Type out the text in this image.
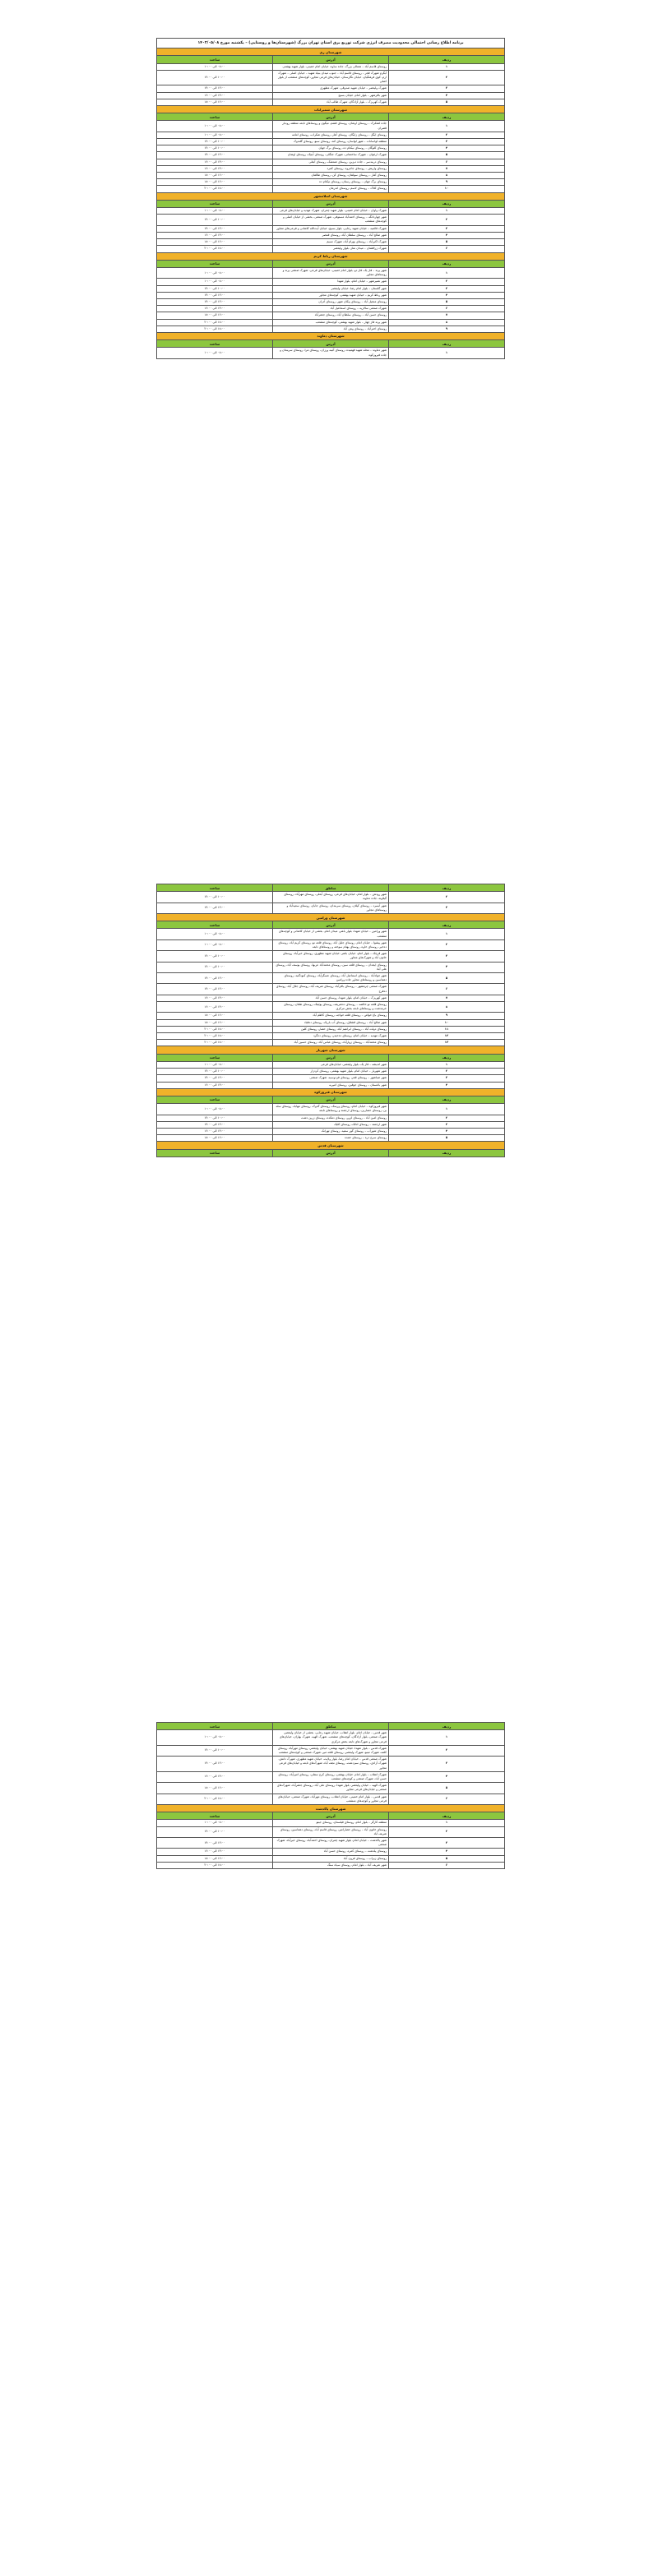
برنامه اطلاع رسانی احتمالی محدودیت مصرف انرژی شرکت توزیع برق استان تهران بزرگ (شهرستان‌ها و روستایی) – یکشنبه مورخ ۱۴۰۲/۰۵/۰۸		
شهرستان ری		
ردیف	آدرس	ساعت
۱	روستای قاسم آباد – شمالی بزرگ، جاده ساوه، خیابان امام خمینی، بلوار شهید بهشتی	۰۸:۰۰ الی ۱۰:۰۰
۲	آبگرم شهرک فجر – روستای قاسم آباد – جنوب میدان بنیاد شهید – خیابان اصلی – شهرک ارم، کوی فرهنگیان، خیابان نگارستان، خیابان‌های فرعی مجاور، کوچه‌های منشعب از بلوار اصلی	۱۰:۰۰ الی ۱۲:۰۰
۳	شهرک ولیعصر – خیابان شهید صدوقی، شهرک مطهری	۱۲:۰۰ الی ۱۴:۰۰
۴	شهر باقرشهر – بلوار امام، خیابان بسیج	۱۴:۰۰ الی ۱۶:۰۰
۵	شهرک کهریزک – بلوار آزادگان، شهرک طالب آباد	۱۶:۰۰ الی ۱۸:۰۰
شهرستان شمیرانات		
ردیف	آدرس	ساعت
۱	جاده لشکرک – روستای اوشان، روستای فشم، میگون و روستاهای تابعه منطقه رودبار قصران	۰۸:۰۰ الی ۱۰:۰۰
۲	روستای ایگل – روستای زایگان، روستای آهار، روستای شکراب، روستای امامه	۰۸:۰۰ الی ۱۰:۰۰
۳	منطقه لواسانات – شهر لواسان، روستای کند، روستای سبو، روستای گلندوک	۱۰:۰۰ الی ۱۲:۰۰
۴	روستای کلوگان – روستای نیکنام ده، روستای برگ جهان	۱۰:۰۰ الی ۱۲:۰۰
۵	شهرک ارغوان – شهرک ساختمانی، شهرک جنگلی، روستای آبنیک، روستای اوشان	۱۲:۰۰ الی ۱۴:۰۰
۶	روستای دربندسر – جاده دیزین، روستای شمشک، روستای آبعلی	۱۴:۰۰ الی ۱۶:۰۰
۷	روستای واریش – روستای جاجرود، روستای کمرد	۱۴:۰۰ الی ۱۶:۰۰
۸	روستای آهار – روستای سولقان، روستای کن، روستای طالقان	۱۶:۰۰ الی ۱۸:۰۰
۹	روستای برگ جهان – روستای رسنان، روستای نیکنام ده	۱۶:۰۰ الی ۱۸:۰۰
۱۰	روستای کلاک – روستای لاسم، روستای اندرمان	۱۸:۰۰ الی ۲۰:۰۰
شهرستان اسلامشهر		
ردیف	آدرس	ساعت
۱	شهرک واوان – خیابان امام خمینی، بلوار شهید چمران، شهرک مهدیه و خیابان‌های فرعی	۰۸:۰۰ الی ۱۰:۰۰
۲	شهر چهاردانگه – روستای احمدآباد مستوفی، شهرک صنعتی، بخشی از خیابان اصلی و کوچه‌های منشعب	۱۰:۰۰ الی ۱۲:۰۰
۳	شهرک قائمیه – خیابان شهید رجایی، بلوار بسیج، خیابان آیت‌الله کاشانی و فرعی‌های مجاور	۱۲:۰۰ الی ۱۴:۰۰
۴	شهر صالح آباد – روستای سلطان آباد، روستای قمصر	۱۴:۰۰ الی ۱۶:۰۰
۵	شهرک اکبرآباد – روستای بهرام آباد، شهرک نسیم	۱۶:۰۰ الی ۱۸:۰۰
۶	شهرک زرافشان – میدان نماز، بلوار ولیعصر	۱۸:۰۰ الی ۲۰:۰۰
شهرستان رباط کریم		
ردیف	آدرس	ساعت
۱	شهر پرند – فاز یک، فاز دو، بلوار امام خمینی، خیابان‌های فرعی، شهرک صنعتی پرند و روستاهای مجاور	۰۸:۰۰ الی ۱۰:۰۰
۲	شهر نصیرشهر – خیابان امام، بلوار شهدا	۰۸:۰۰ الی ۱۰:۰۰
۳	شهر گلستان – بلوار امام رضا، خیابان ولیعصر	۱۰:۰۰ الی ۱۲:۰۰
۴	شهر رباط کریم – خیابان شهید بهشتی، کوچه‌های مجاور	۱۲:۰۰ الی ۱۴:۰۰
۵	روستای منجیل آباد – روستای پیکان شهر، روستای آدران	۱۲:۰۰ الی ۱۴:۰۰
۶	شهرک صنعتی سالاریه – روستای اسماعیل آباد	۱۴:۰۰ الی ۱۶:۰۰
۷	روستای حسن آباد – روستای سلطان آباد، روستای جعفرآباد	۱۶:۰۰ الی ۱۸:۰۰
۸	شهر پرند فاز چهار – بلوار شهید بهشتی، کوچه‌های منشعب	۱۸:۰۰ الی ۲۰:۰۰
۹	روستای اخترآباد – روستای وهن آباد	۱۸:۰۰ الی ۲۰:۰۰
شهرستان دماوند		
ردیف	آدرس	ساعت
۱	شهر دماوند – محله شهید فهمیده، روستای آئینه ورزان، روستای مرا، روستای سربندان و جاده فیروزکوه	۰۸:۰۰ الی ۱۰:۰۰
ردیف	مناطق	ساعت
۲	شهر رودهن – بلوار امام، خیابان‌های فرعی، روستای آبعلی، روستای مهرآباد، روستای گیلاوند، جاده دماوند	۱۰:۰۰ الی ۱۲:۰۰
۳	شهر آبسرد – روستای کیلان، روستای سربندان، روستای جابان، روستای سعیدآباد و روستاهای مجاور	۱۲:۰۰ الی ۱۴:۰۰
شهرستان ورامین		
ردیف	آدرس	ساعت
۱	شهر ورامین – خیابان شهدا، بلوار باهنر، میدان امام، بخشی از خیابان کاشانی و کوچه‌های منشعب	۰۸:۰۰ الی ۱۰:۰۰
۲	شهر پیشوا – خیابان امام، روستای جلیل آباد، روستای قلعه نو، روستای کریم آباد، روستای ده‌خیر، روستای خاوه، روستای بهنام سوخته و روستاهای تابعه	۰۸:۰۰ الی ۱۰:۰۰
۳	شهر قرچک – بلوار امام، خیابان باهنر، خیابان شهید مطهری، روستای خیرآباد، روستای خاتون آباد و شهرک‌های مجاور	۱۰:۰۰ الی ۱۲:۰۰
۴	روستای ایجدان – روستای قلعه سین، روستای محمدآباد عربها، روستای یوسف آباد، روستای علی آباد	۱۰:۰۰ الی ۱۲:۰۰
۵	شهر جوادآباد – روستای اسماعیل آباد، روستای عسگرآباد، روستای کبودگنبد، روستای دهماسین و روستاهای مجاور جاده ورامین	۱۲:۰۰ الی ۱۴:۰۰
۶	شهرک صنعتی چرمشهر – روستای باقرآباد، روستای شریف آباد، روستای جلال آباد، روستای ده‌فرح	۱۲:۰۰ الی ۱۴:۰۰
۷	شهر کهریزک – خیابان امام، بلوار شهدا، روستای حسن آباد	۱۴:۰۰ الی ۱۶:۰۰
۸	روستای قلعه نو خالصه – روستای ده‌شریفه، روستای پوئینک، روستای طغان، روستای خرمدشت و روستاهای تابعه بخش مرکزی	۱۴:۰۰ الی ۱۶:۰۰
۹	روستای باغ خواص – روستای قلعه خواجه، روستای کاظم آباد	۱۶:۰۰ الی ۱۸:۰۰
۱۰	شهر صالح آباد – روستای قشلاق، روستای آب باریک، روستای ده‌قباد	۱۶:۰۰ الی ۱۸:۰۰
۱۱	روستای دولت آباد – روستای ابراهیم آباد، روستای حصار، روستای کلین	۱۸:۰۰ الی ۲۰:۰۰
۱۲	شهرک مهدیه – خیابان امام، روستای ده‌حیدر، روستای ده‌گرد	۱۸:۰۰ الی ۲۰:۰۰
۱۳	روستای محمدآباد – روستای زوارآباد، روستای عباس آباد، روستای حسین آباد	۱۸:۰۰ الی ۲۰:۰۰
شهرستان شهریار		
ردیف	آدرس	ساعت
۱	شهر اندیشه – فاز یک، بلوار ولیعصر، خیابان‌های فرعی	۰۸:۰۰ الی ۱۰:۰۰
۲	شهر شهریار – خیابان امام، بلوار شهید بهشتی، روستای کردزار	۱۰:۰۰ الی ۱۲:۰۰
۳	شهر صباشهر – روستای قجر، روستای فردوسیه، شهرک صنعتی	۱۲:۰۰ الی ۱۴:۰۰
۴	شهر باغستان – روستای جوقین، روستای امیریه	۱۴:۰۰ الی ۱۶:۰۰
شهرستان فیروزکوه		
ردیف	آدرس	ساعت
۱	شهر فیروزکوه – خیابان امام، روستای ورسک، روستای گدوک، روستای مهاباد، روستای سله بن، روستای حصاربن، روستای ارجمند و روستاهای تابعه	۰۸:۰۰ الی ۱۰:۰۰
۲	روستای امین آباد – روستای لزور، روستای دهکده، روستای زرین دشت	۱۰:۰۰ الی ۱۲:۰۰
۳	شهر ارجمند – روستای اتانک، روستای کلیک	۱۲:۰۰ الی ۱۴:۰۰
۴	روستای شورآب – روستای گور سفید، روستای تهرانک	۱۴:۰۰ الی ۱۶:۰۰
۵	روستای سرخ دره – روستای خمده	۱۶:۰۰ الی ۱۸:۰۰
شهرستان قدس		
ردیف	آدرس	ساعت
ردیف	مناطق	ساعت
۱	شهر قدس – خیابان امام، بلوار انقلاب، خیابان شهید رجایی، بخشی از خیابان ولیعصر، شهرک صنعتی، بلوار آزادگان، کوچه‌های منشعب، شهرک الهیه، شهرک بهاران، خیابان‌های فرعی مجاور و شهرک‌های تابعه بخش مرکزی	۰۸:۰۰ الی ۱۰:۰۰
۲	شهرک قدس – بلوار شهدا، خیابان شهید بهشتی، خیابان ولیعصر، روستای مهرآباد، روستای کلمه، شهرک مینو، شهرک ولیعصر، روستای قلعه میر، شهرک صنعتی و کوچه‌های منشعب	۱۰:۰۰ الی ۱۲:۰۰
۳	شهرک صنعتی قدس – خیابان امام رضا، بلوار ولایت، خیابان شهید مطهری، شهرک دانش، شهرک آزادی، روستای سبزدشت، روستای نجف آباد، شهرک‌های تابعه و خیابان‌های فرعی مجاور	۱۲:۰۰ الی ۱۴:۰۰
۴	شهرک انقلاب – بلوار امام، خیابان بهشتی، روستای کرج سفلی، روستای امیرآباد، روستای حسن آباد، شهرک صنعتی و کوچه‌های منشعب	۱۴:۰۰ الی ۱۶:۰۰
۵	شهرک الهیه – خیابان ولیعصر، بلوار شهدا، روستای علی آباد، روستای جعفرآباد، شهرک‌های صنعتی و خیابان‌های فرعی مجاور	۱۶:۰۰ الی ۱۸:۰۰
۶	شهر قدس – بلوار امام خمینی، خیابان انقلاب، روستای مهرآباد، شهرک صنعتی، خیابان‌های فرعی مجاور و کوچه‌های منشعب	۱۸:۰۰ الی ۲۰:۰۰
شهرستان پاکدشت		
ردیف	آدرس	ساعت
۱	منطقه کارگر – بلوار امام، روستای فیلستان، روستای جیتو	۰۸:۰۰ الی ۱۰:۰۰
۲	روستای خاتون آباد – روستای حصارامیر، روستای قاسم آباد، روستای دهماسین، روستای شریف آباد	۱۰:۰۰ الی ۱۲:۰۰
۳	شهر پاکدشت – خیابان امام، بلوار شهید چمران، روستای احمدآباد، روستای خیرآباد، شهرک صنعتی	۱۲:۰۰ الی ۱۴:۰۰
۴	روستای پلدشت – روستای کمرد، روستای حسن آباد	۱۴:۰۰ الی ۱۶:۰۰
۵	روستای زیراب – روستای فرون آباد	۱۶:۰۰ الی ۱۸:۰۰
۶	شهر شریف آباد – بلوار امام، روستای سیاه سنگ	۱۸:۰۰ الی ۲۰:۰۰
